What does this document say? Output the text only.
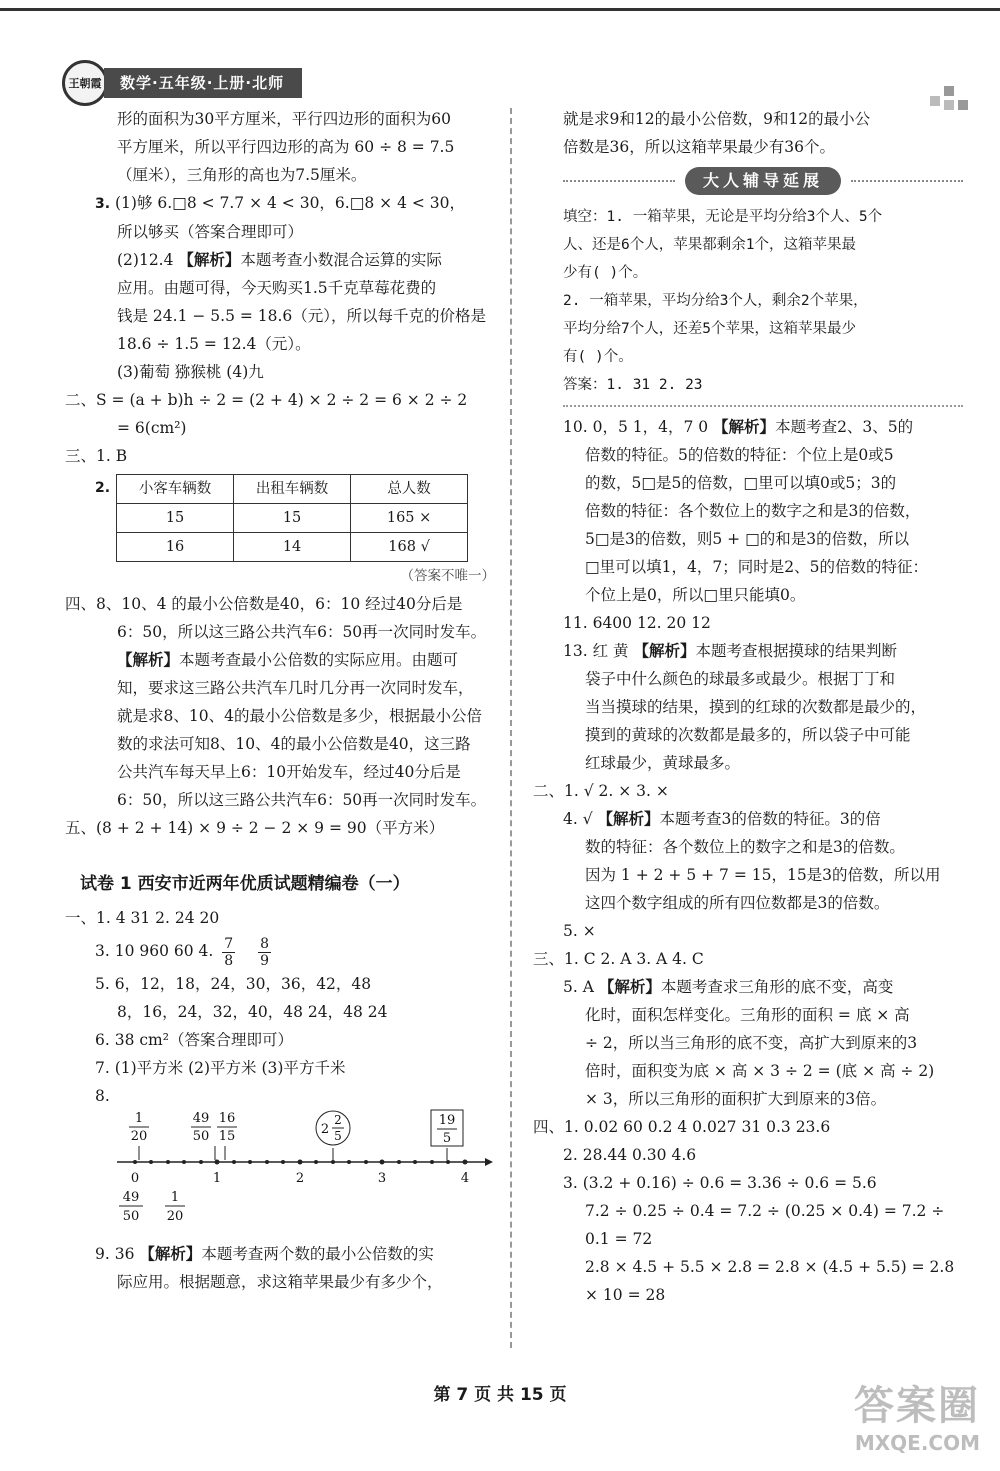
王朝霞	数学·五年级·上册·北师

形的面积为30平方厘米，平行四边形的面积为60

平方厘米，所以平行四边形的高为 60 ÷ 8 = 7.5

（厘米），三角形的高也为7.5厘米。

3. (1)够 6.□8 < 7.7 × 4 < 30，6.□8 × 4 < 30，

所以够买（答案合理即可）

(2)12.4 【解析】本题考查小数混合运算的实际

应用。由题可得，今天购买1.5千克草莓花费的

钱是 24.1 − 5.5 = 18.6（元），所以每千克的价格是

18.6 ÷ 1.5 = 12.4（元）。

(3)葡萄 猕猴桃 (4)九

二、S = (a + b)h ÷ 2 = (2 + 4) × 2 ÷ 2 = 6 × 2 ÷ 2

= 6(cm²)

三、1. B

2. 小客车辆数	出租车辆数	总人数
15	15	165 ×
16	14	168 √

（答案不唯一）

四、8、10、4 的最小公倍数是40，6：10 经过40分后是

6：50，所以这三路公共汽车6：50再一次同时发车。

【解析】本题考查最小公倍数的实际应用。由题可

知，要求这三路公共汽车几时几分再一次同时发车，

就是求8、10、4的最小公倍数是多少，根据最小公倍

数的求法可知8、10、4的最小公倍数是40，这三路

公共汽车每天早上6：10开始发车，经过40分后是

6：50，所以这三路公共汽车6：50再一次同时发车。

五、(8 + 2 + 14) × 9 ÷ 2 − 2 × 9 = 90（平方米）

试卷 1 西安市近两年优质试题精编卷（一）

一、1. 4 31 2. 24 20

3. 10 960 60 4. $\frac{7}{8}$
$\frac{8}{9}$

5. 6，12，18，24，30，36，42，48

8，16，24，32，40，48 24，48 24

6. 38 cm²（答案合理即可）

7. (1)平方米 (2)平方米 (3)平方千米

8.

1
20
49
50
16
15	2
2
5
19
5
0	1	2	3	4
49
50
1
20

9. 36 【解析】本题考查两个数的最小公倍数的实

际应用。根据题意，求这箱苹果最少有多少个，

就是求9和12的最小公倍数，9和12的最小公

倍数是36，所以这箱苹果最少有36个。

大人辅导延展

填空：1. 一箱苹果，无论是平均分给3个人、5个

人、还是6个人，苹果都剩余1个，这箱苹果最

少有( )个。

2. 一箱苹果，平均分给3个人，剩余2个苹果，

平均分给7个人，还差5个苹果，这箱苹果最少

有( )个。

答案：1. 31 2. 23

10. 0，5 1，4，7 0 【解析】本题考查2、3、5的

倍数的特征。5的倍数的特征：个位上是0或5

的数，5□是5的倍数，□里可以填0或5；3的

倍数的特征：各个数位上的数字之和是3的倍数，

5□是3的倍数，则5 + □的和是3的倍数，所以

□里可以填1，4，7；同时是2、5的倍数的特征：

个位上是0，所以□里只能填0。

11. 6400 12. 20 12

13. 红 黄 【解析】本题考查根据摸球的结果判断

袋子中什么颜色的球最多或最少。根据丁丁和

当当摸球的结果，摸到的红球的次数都是最少的，

摸到的黄球的次数都是最多的，所以袋子中可能

红球最少，黄球最多。

二、1. √ 2. × 3. ×

4. √ 【解析】本题考查3的倍数的特征。3的倍

数的特征：各个数位上的数字之和是3的倍数。

因为 1 + 2 + 5 + 7 = 15，15是3的倍数，所以用

这四个数字组成的所有四位数都是3的倍数。

5. ×

三、1. C 2. A 3. A 4. C

5. A 【解析】本题考查求三角形的底不变，高变

化时，面积怎样变化。三角形的面积 = 底 × 高

÷ 2，所以当三角形的底不变，高扩大到原来的3

倍时，面积变为底 × 高 × 3 ÷ 2 = (底 × 高 ÷ 2)

× 3，所以三角形的面积扩大到原来的3倍。

四、1. 0.02 60 0.2 4 0.027 31 0.3 23.6

2. 28.44 0.30 4.6

3. (3.2 + 0.16) ÷ 0.6 = 3.36 ÷ 0.6 = 5.6

7.2 ÷ 0.25 ÷ 0.4 = 7.2 ÷ (0.25 × 0.4) = 7.2 ÷

0.1 = 72

2.8 × 4.5 + 5.5 × 2.8 = 2.8 × (4.5 + 5.5) = 2.8

× 10 = 28

第 7 页 共 15 页	答案圈
MXQE.COM
